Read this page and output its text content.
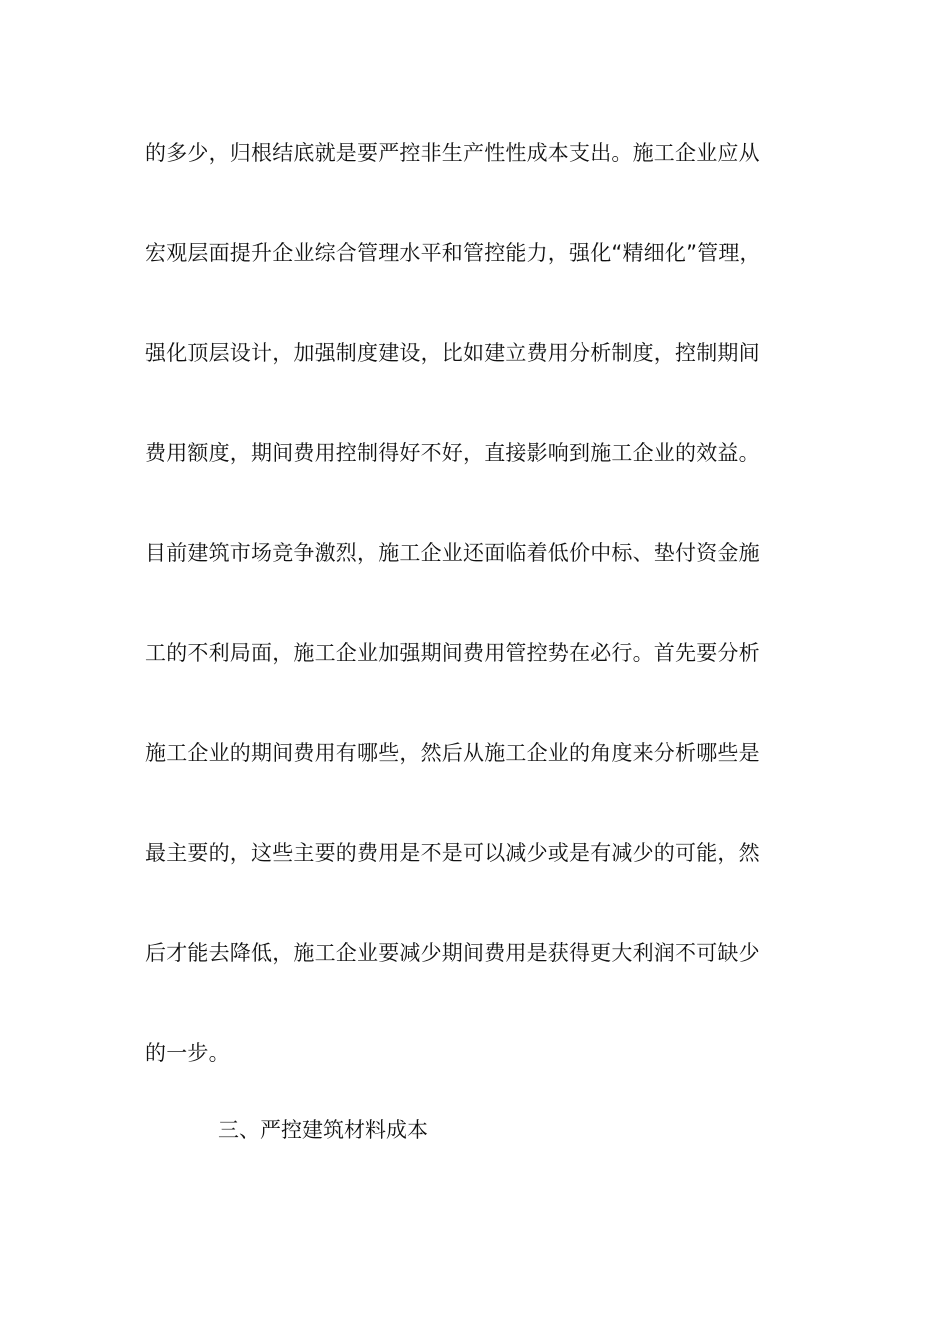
的多少，归根结底就是要严控非生产性性成本支出。施工企业应从
宏观层面提升企业综合管理水平和管控能力，强化“精细化”管理，
强化顶层设计，加强制度建设，比如建立费用分析制度，控制期间
费用额度，期间费用控制得好不好，直接影响到施工企业的效益。
目前建筑市场竞争激烈，施工企业还面临着低价中标、垫付资金施
工的不利局面，施工企业加强期间费用管控势在必行。首先要分析
施工企业的期间费用有哪些，然后从施工企业的角度来分析哪些是
最主要的，这些主要的费用是不是可以减少或是有减少的可能，然
后才能去降低，施工企业要减少期间费用是获得更大利润不可缺少
的一步。
三、严控建筑材料成本
